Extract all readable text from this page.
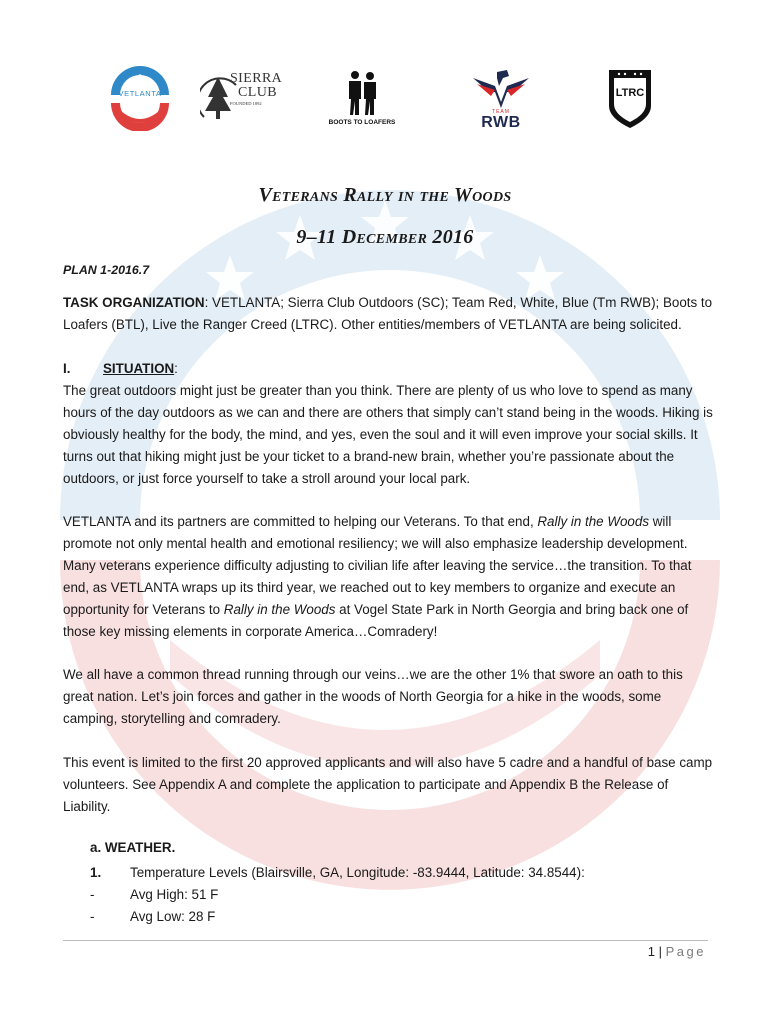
VETLANTA
SIERRA
CLUB
FOUNDED 1892
BOOTS TO LOAFERS
TEAM
RWB
LTRC
Veterans Rally in the Woods
9–11 December 2016
PLAN 1-2016.7

TASK ORGANIZATION: VETLANTA; Sierra Club Outdoors (SC); Team Red, White, Blue (Tm RWB); Boots to Loafers (BTL), Live the Ranger Creed (LTRC). Other entities/members of VETLANTA are being solicited.

I. SITUATION:

The great outdoors might just be greater than you think. There are plenty of us who love to spend as many hours of the day outdoors as we can and there are others that simply can’t stand being in the woods. Hiking is obviously healthy for the body, the mind, and yes, even the soul and it will even improve your social skills. It turns out that hiking might just be your ticket to a brand-new brain, whether you’re passionate about the outdoors, or just force yourself to take a stroll around your local park.

VETLANTA and its partners are committed to helping our Veterans. To that end, Rally in the Woods will promote not only mental health and emotional resiliency; we will also emphasize leadership development. Many veterans experience difficulty adjusting to civilian life after leaving the service…the transition. To that end, as VETLANTA wraps up its third year, we reached out to key members to organize and execute an opportunity for Veterans to Rally in the Woods at Vogel State Park in North Georgia and bring back one of those key missing elements in corporate America…Comradery!

We all have a common thread running through our veins…we are the other 1% that swore an oath to this great nation. Let’s join forces and gather in the woods of North Georgia for a hike in the woods, some camping, storytelling and comradery.

This event is limited to the first 20 approved applicants and will also have 5 cadre and a handful of base camp volunteers. See Appendix A and complete the application to participate and Appendix B the Release of Liability.

a. WEATHER.
1. Temperature Levels (Blairsville, GA, Longitude: -83.9444, Latitude: 34.8544):
-	Avg High: 51 F
-	Avg Low: 28 F
1 | Page
